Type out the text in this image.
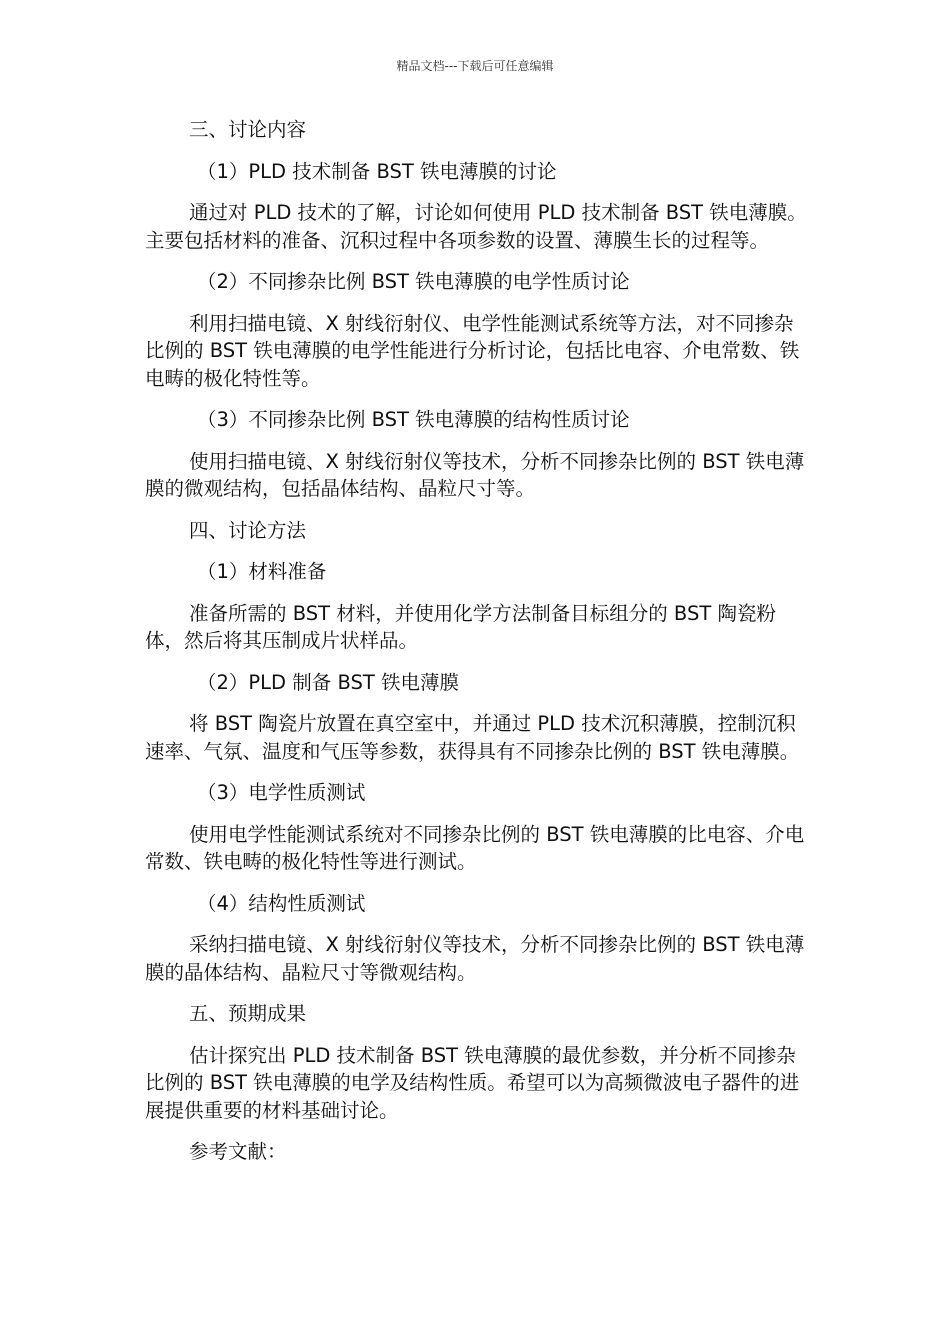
精品文档---下载后可任意编辑

三、讨论内容

（1）PLD 技术制备 BST 铁电薄膜的讨论

通过对 PLD 技术的了解，讨论如何使用 PLD 技术制备 BST 铁电薄膜。主要包括材料的准备、沉积过程中各项参数的设置、薄膜生长的过程等。

（2）不同掺杂比例 BST 铁电薄膜的电学性质讨论

利用扫描电镜、X 射线衍射仪、电学性能测试系统等方法，对不同掺杂比例的 BST 铁电薄膜的电学性能进行分析讨论，包括比电容、介电常数、铁电畴的极化特性等。

（3）不同掺杂比例 BST 铁电薄膜的结构性质讨论

使用扫描电镜、X 射线衍射仪等技术，分析不同掺杂比例的 BST 铁电薄膜的微观结构，包括晶体结构、晶粒尺寸等。

四、讨论方法

（1）材料准备

准备所需的 BST 材料，并使用化学方法制备目标组分的 BST 陶瓷粉体，然后将其压制成片状样品。

（2）PLD 制备 BST 铁电薄膜

将 BST 陶瓷片放置在真空室中，并通过 PLD 技术沉积薄膜，控制沉积速率、气氛、温度和气压等参数，获得具有不同掺杂比例的 BST 铁电薄膜。

（3）电学性质测试

使用电学性能测试系统对不同掺杂比例的 BST 铁电薄膜的比电容、介电常数、铁电畴的极化特性等进行测试。

（4）结构性质测试

采纳扫描电镜、X 射线衍射仪等技术，分析不同掺杂比例的 BST 铁电薄膜的晶体结构、晶粒尺寸等微观结构。

五、预期成果

估计探究出 PLD 技术制备 BST 铁电薄膜的最优参数，并分析不同掺杂比例的 BST 铁电薄膜的电学及结构性质。希望可以为高频微波电子器件的进展提供重要的材料基础讨论。

参考文献：
